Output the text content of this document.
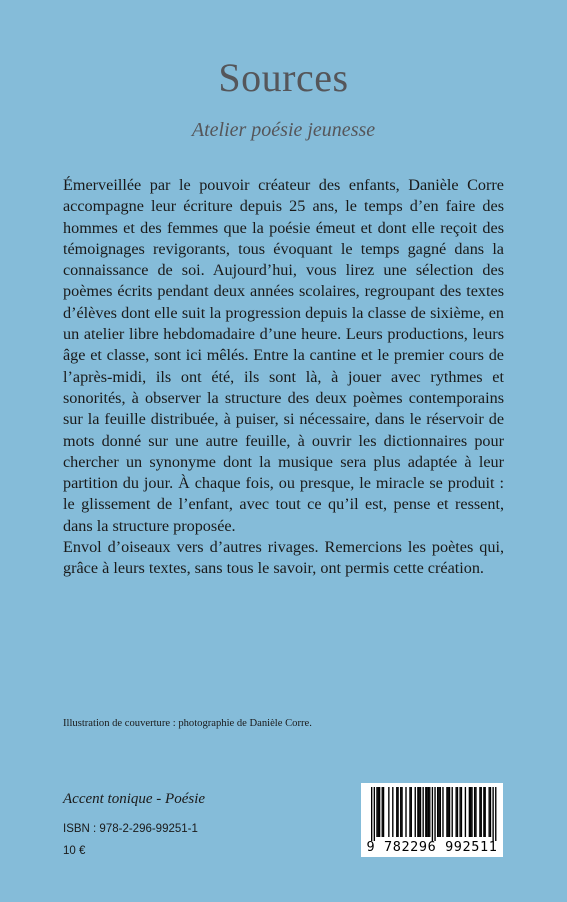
Sources
Atelier poésie jeunesse

Émerveillée par le pouvoir créateur des enfants, Danièle Corre accompagne leur écriture depuis 25 ans, le temps d’en faire des hommes et des femmes que la poésie émeut et dont elle reçoit des témoignages revigorants, tous évoquant le temps gagné dans la connaissance de soi. Aujourd’hui, vous lirez une sélection des poèmes écrits pendant deux années scolaires, regroupant des textes d’élèves dont elle suit la progression depuis la classe de sixième, en un atelier libre hebdomadaire d’une heure. Leurs productions, leurs âge et classe, sont ici mêlés. Entre la cantine et le premier cours de l’après-midi, ils ont été, ils sont là, à jouer avec rythmes et sonorités, à observer la structure des deux poèmes contemporains sur la feuille distribuée, à puiser, si nécessaire, dans le réservoir de mots donné sur une autre feuille, à ouvrir les dictionnaires pour chercher un synonyme dont la musique sera plus adaptée à leur partition du jour. À chaque fois, ou presque, le miracle se produit : le glissement de l’enfant, avec tout ce qu’il est, pense et ressent, dans la structure proposée.

Envol d’oiseaux vers d’autres rivages. Remercions les poètes qui, grâce à leurs textes, sans tous le savoir, ont permis cette création.

Illustration de couverture : photographie de Danièle Corre.
Accent tonique - Poésie
ISBN : 978-2-296-99251-1
10 €	9 782296 992511
